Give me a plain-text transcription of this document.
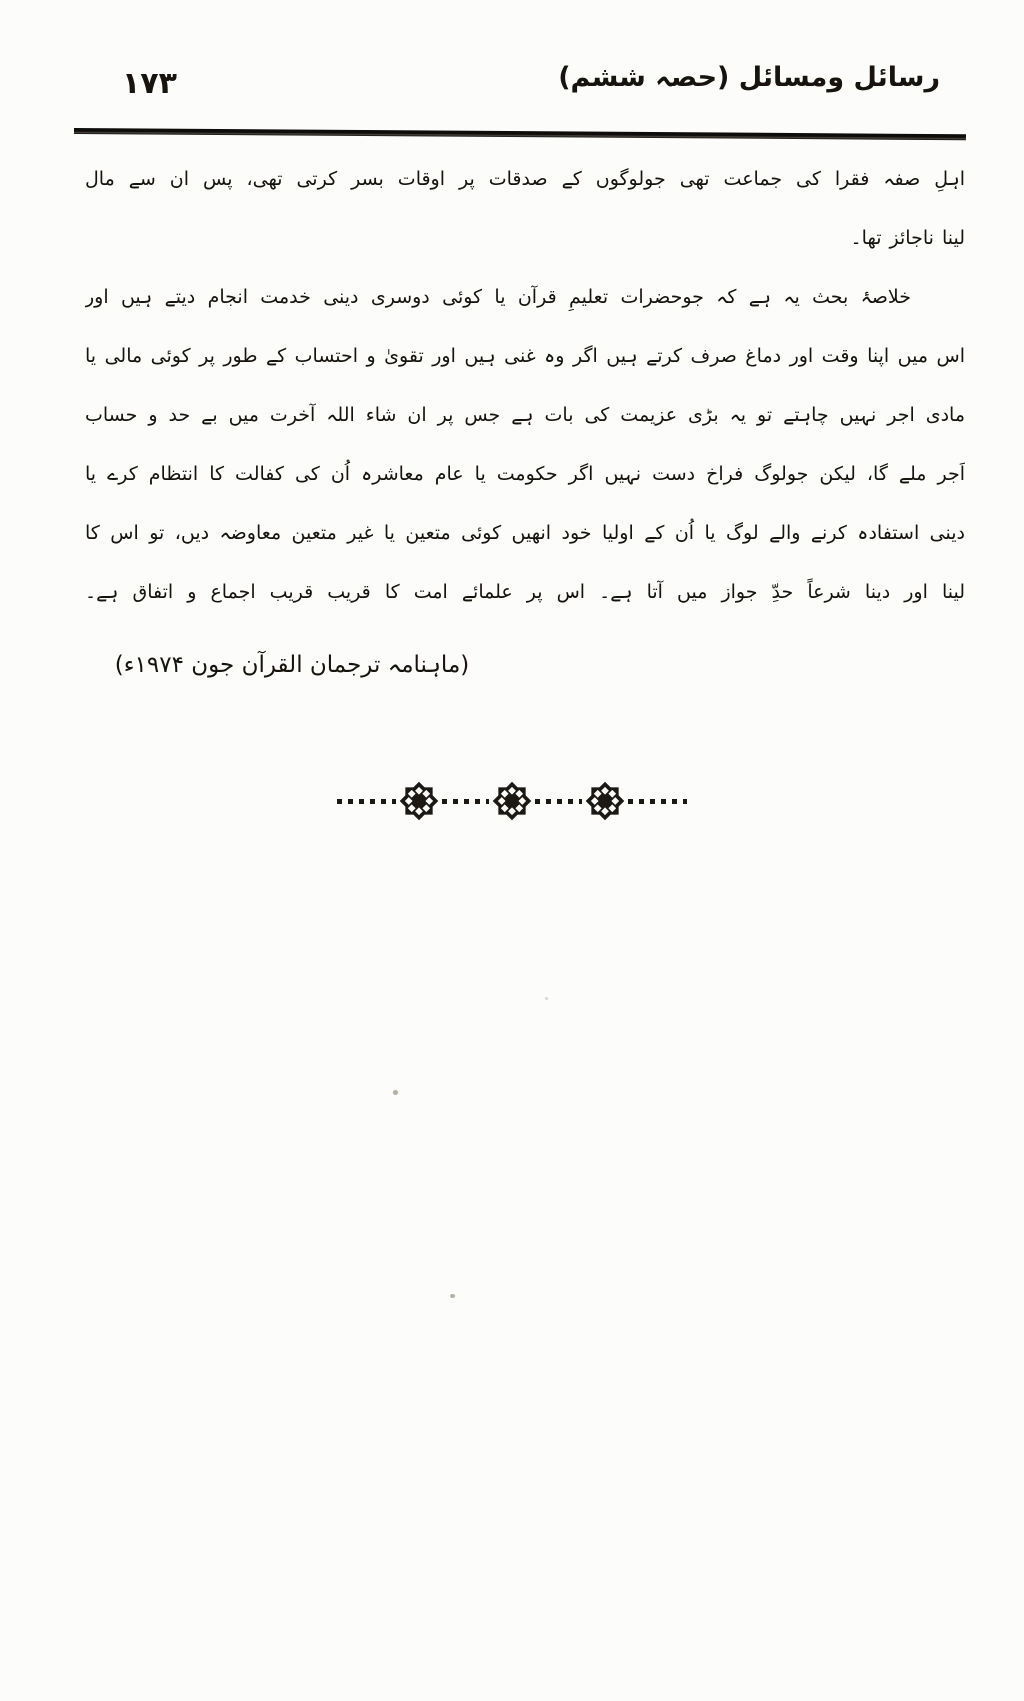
۱۷۳	رسائل ومسائل (حصہ ششم)
اہلِ صفہ فقرا کی جماعت تھی جولوگوں کے صدقات پر اوقات بسر کرتی تھی، پس ان سے مال
لینا ناجائز تھا۔
خلاصۂ بحث یہ ہے کہ جوحضرات تعلیمِ قرآن یا کوئی دوسری دینی خدمت انجام دیتے ہیں اور
اس میں اپنا وقت اور دماغ صرف کرتے ہیں اگر وہ غنی ہیں اور تقویٰ و احتساب کے طور پر کوئی مالی یا
مادی اجر نہیں چاہتے تو یہ بڑی عزیمت کی بات ہے جس پر ان شاء اللہ آخرت میں بے حد و حساب
اَجر ملے گا، لیکن جولوگ فراخ دست نہیں اگر حکومت یا عام معاشرہ اُن کی کفالت کا انتظام کرے یا
دینی استفادہ کرنے والے لوگ یا اُن کے اولیا خود انھیں کوئی متعین یا غیر متعین معاوضہ دیں، تو اس کا
لینا اور دینا شرعاً حدِّ جواز میں آتا ہے۔ اس پر علمائے امت کا قریب قریب اجماع و اتفاق ہے۔
(ماہنامہ ترجمان القرآن جون ۱۹۷۴ء)
